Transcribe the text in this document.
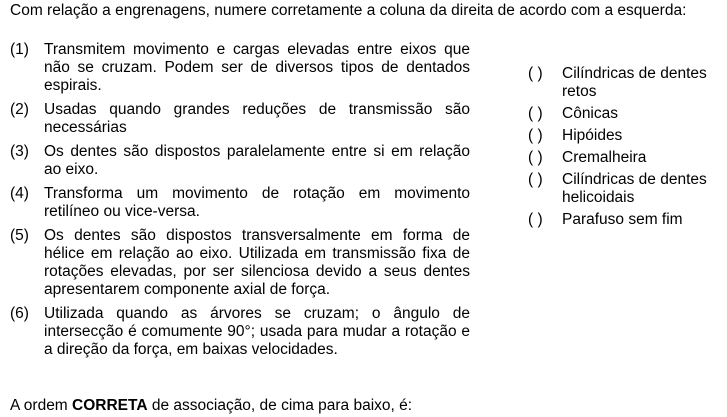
Com relação a engrenagens, numere corretamente a coluna da direita de acordo com a esquerda:
(1) Transmitem movimento e cargas elevadas entre eixos que não se cruzam. Podem ser de diversos tipos de dentados espirais.
(2) Usadas quando grandes reduções de transmissão são necessárias
(3) Os dentes são dispostos paralelamente entre si em relação ao eixo.
(4) Transforma um movimento de rotação em movimento retilíneo ou vice-versa.
(5) Os dentes são dispostos transversalmente em forma de hélice em relação ao eixo. Utilizada em transmissão fixa de rotações elevadas, por ser silenciosa devido a seus dentes apresentarem componente axial de força.
(6) Utilizada quando as árvores se cruzam; o ângulo de intersecção é comumente 90°; usada para mudar a rotação e a direção da força, em baixas velocidades.
( )	Cilíndricas de dentes retos
( )	Cônicas
( )	Hipóides
( )	Cremalheira
( )	Cilíndricas de dentes helicoidais
( )	Parafuso sem fim
A ordem CORRETA de associação, de cima para baixo, é:
